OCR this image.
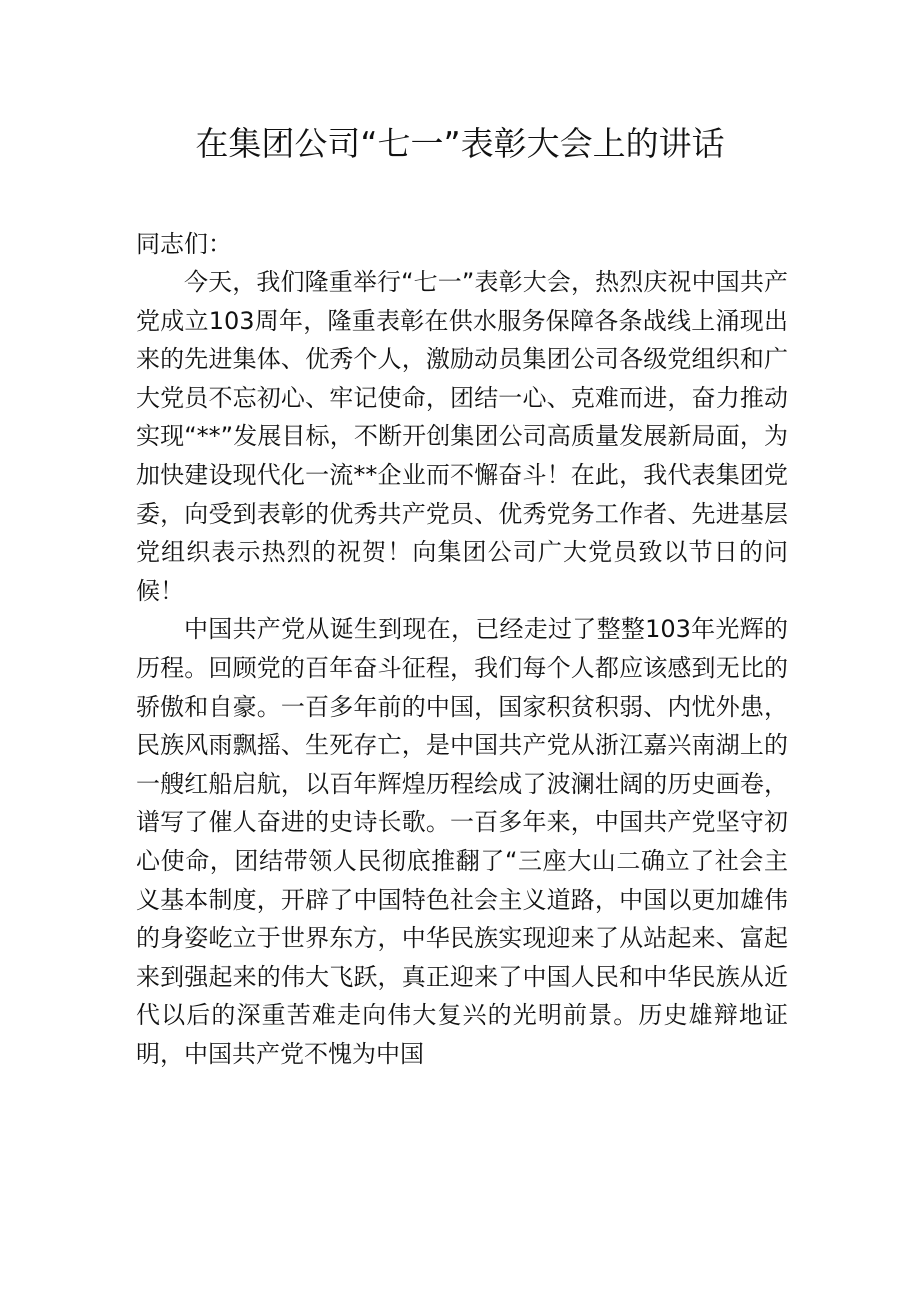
在集团公司“七一”表彰大会上的讲话

同志们：

今天，我们隆重举行“七一”表彰大会，热烈庆祝中国共产党成立103周年，隆重表彰在供水服务保障各条战线上涌现出来的先进集体、优秀个人，激励动员集团公司各级党组织和广大党员不忘初心、牢记使命，团结一心、克难而进，奋力推动实现“**”发展目标，不断开创集团公司高质量发展新局面，为加快建设现代化一流**企业而不懈奋斗！在此，我代表集团党委，向受到表彰的优秀共产党员、优秀党务工作者、先进基层党组织表示热烈的祝贺！向集团公司广大党员致以节日的问候！

中国共产党从诞生到现在，已经走过了整整103年光辉的历程。回顾党的百年奋斗征程，我们每个人都应该感到无比的骄傲和自豪。一百多年前的中国，国家积贫积弱、内忧外患，民族风雨飘摇、生死存亡，是中国共产党从浙江嘉兴南湖上的一艘红船启航，以百年辉煌历程绘成了波澜壮阔的历史画卷，谱写了催人奋进的史诗长歌。一百多年来，中国共产党坚守初心使命，团结带领人民彻底推翻了“三座大山二确立了社会主义基本制度，开辟了中国特色社会主义道路，中国以更加雄伟的身姿屹立于世界东方，中华民族实现迎来了从站起来、富起来到强起来的伟大飞跃，真正迎来了中国人民和中华民族从近代以后的深重苦难走向伟大复兴的光明前景。历史雄辩地证明，中国共产党不愧为中国
